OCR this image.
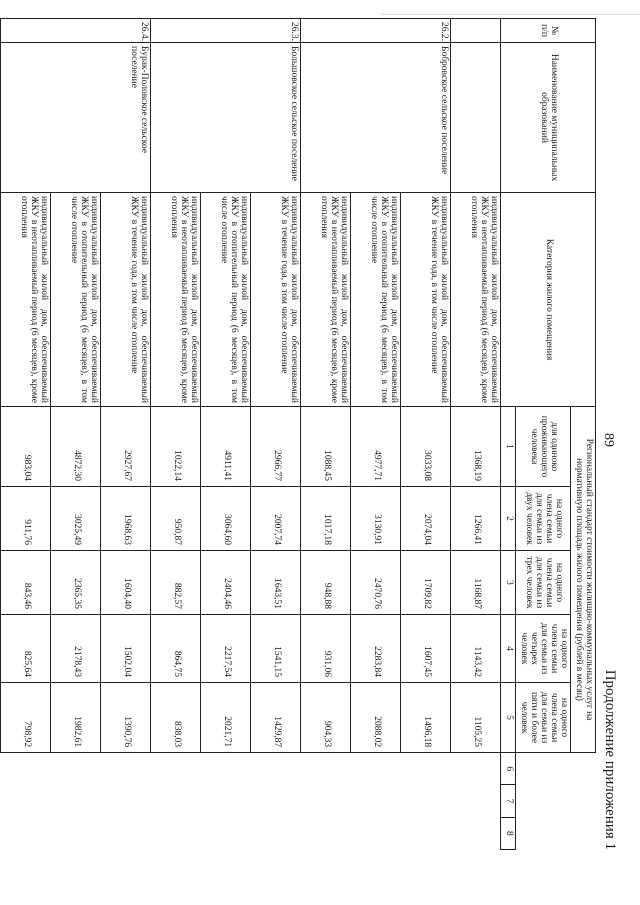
89
Продолжение приложения 1
№ п/п	Наименование муниципальных образований	Категория жилого помещения	Региональный стандарт стоимости жилищно-коммунальных услуг на нормативную площадь жилого помещения (рублей в месяц)							
			для одиноко проживающего человека	на одного члена семьи для семьи из двух человек	на одного члена семьи для семьи из трех человек	на одного члена семьи для семьи из четырех человек	на одного члена семьи для семьи из пяти и более человек			
			1	2	3	4	5	6	7	8
		индивидуальный жилой дом, обеспечиваемый ЖКУ в неотапливаемый период (6 месяцев), кроме отопления	1368,19	1266,41	1168,87	1143,42	1105,25			
26.2.	Бобровское сельское поселение	индивидуальный жилой дом, обеспечиваемый ЖКУ в течение года, в том числе отопление	3033,08	2074,04	1709,82	1607,45	1496,18			
		индивидуальный жилой дом, обеспечиваемый ЖКУ в отопительный период (6 месяцев), в том числе отопление	4977,71	3130,91	2470,76	2283,84	2088,02			
		индивидуальный жилой дом, обеспечиваемый ЖКУ в неотапливаемый период (6 месяцев), кроме отопления	1088,45	1017,18	948,88	931,06	904,33			
26.3.	Большовское сельское поселение	индивидуальный жилой дом, обеспечиваемый ЖКУ в течение года, в том числе отопление	2966,77	2007,74	1643,51	1541,15	1429,87			
		индивидуальный жилой дом, обеспечиваемый ЖКУ в отопительный период (6 месяцев), в том числе отопление	4911,41	3064,60	2404,46	2217,54	2021,71			
		индивидуальный жилой дом, обеспечиваемый ЖКУ в неотапливаемый период (6 месяцев), кроме отопления	1022,14	950,87	882,57	864,75	838,03			
26.4.	Бурак-Половское сельское поселение	индивидуальный жилой дом, обеспечиваемый ЖКУ в течение года, в том числе отопление	2927,67	1968,63	1604,40	1502,04	1390,76			
		индивидуальный жилой дом, обеспечиваемый ЖКУ в отопительный период (6 месяцев), в том числе отопление	4872,30	3025,49	2365,35	2178,43	1982,61			
		индивидуальный жилой дом, обеспечиваемый ЖКУ в неотапливаемый период (6 месяцев), кроме отопления	983,04	911,76	843,46	825,64	798,92			
